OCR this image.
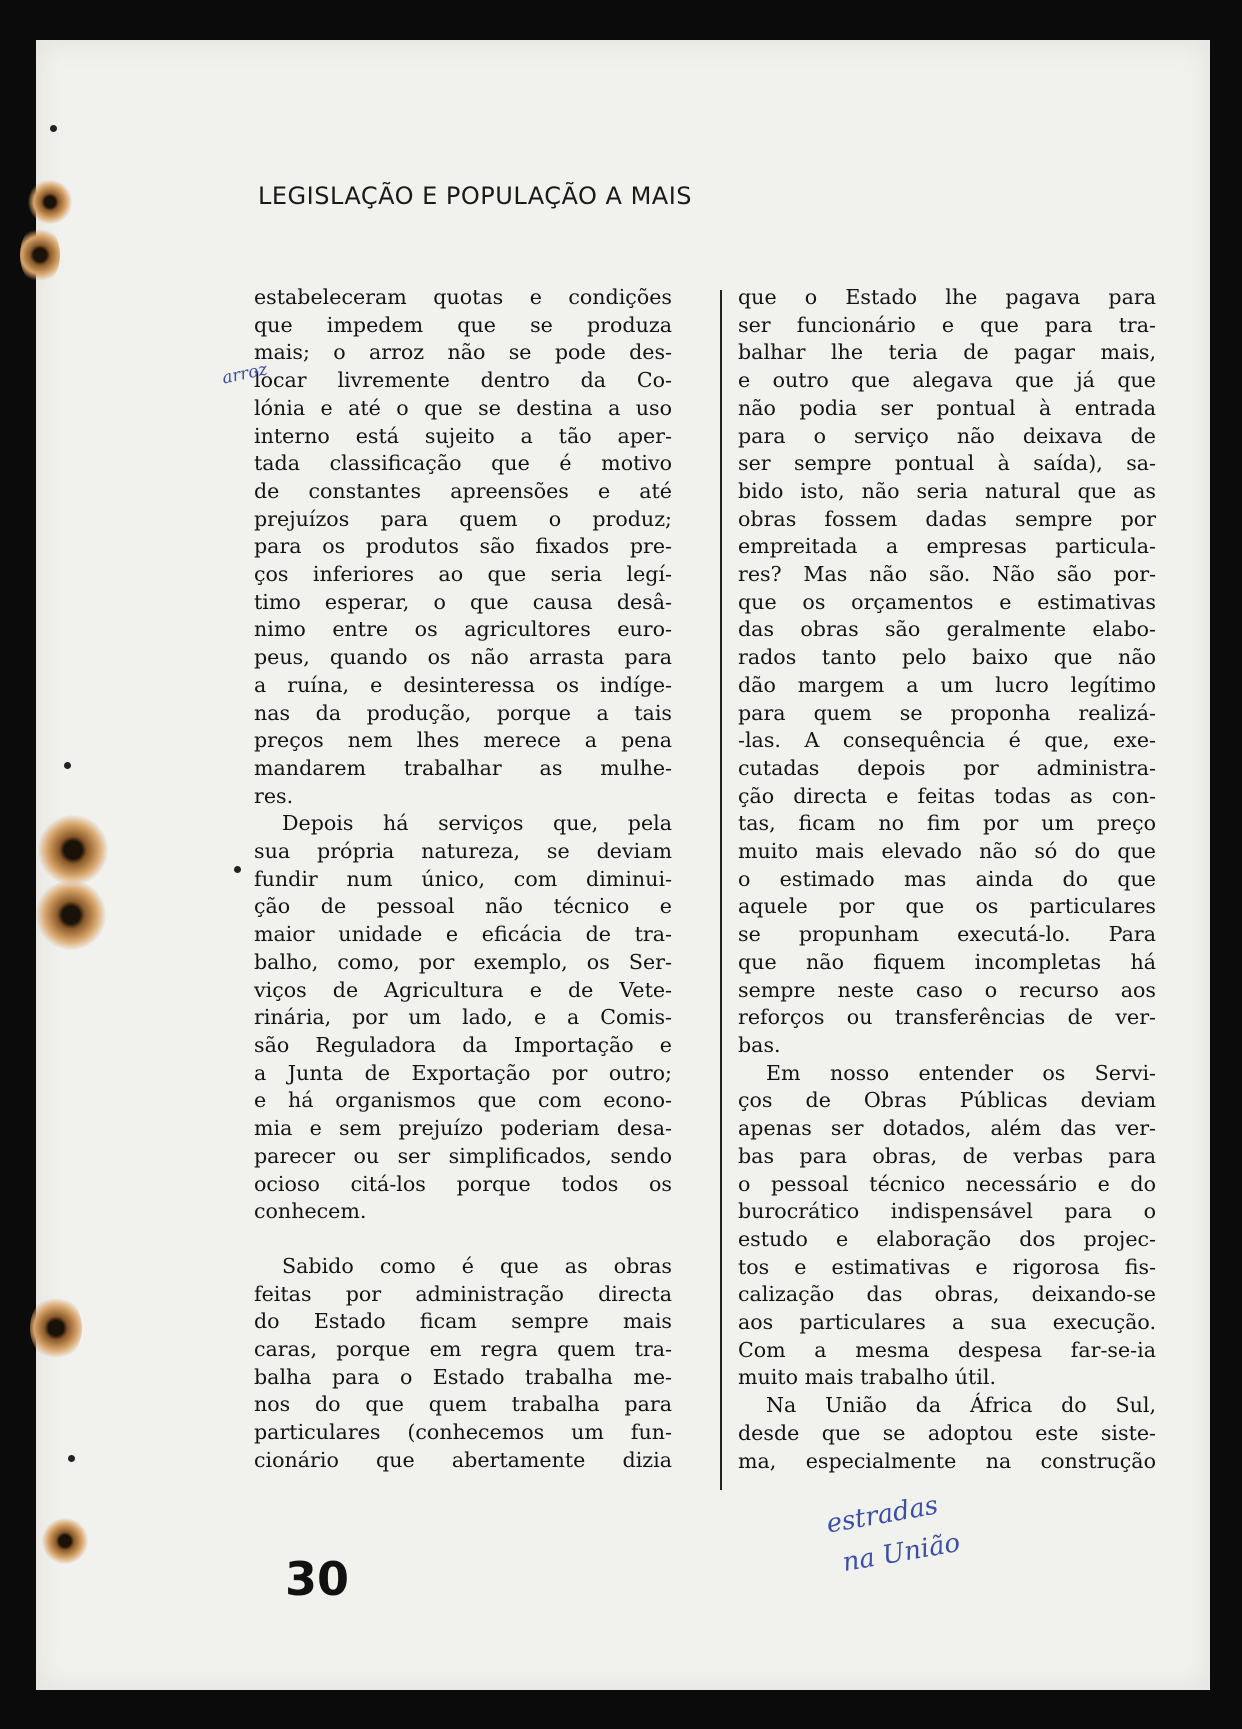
LEGISLAÇÃO E POPULAÇÃO A MAIS
estabeleceram quotas e condições
que impedem que se produza
mais; o arroz não se pode des-
locar livremente dentro da Co-
lónia e até o que se destina a uso
interno está sujeito a tão aper-
tada classificação que é motivo
de constantes apreensões e até
prejuízos para quem o produz;
para os produtos são fixados pre-
ços inferiores ao que seria legí-
timo esperar, o que causa desâ-
nimo entre os agricultores euro-
peus, quando os não arrasta para
a ruína, e desinteressa os indíge-
nas da produção, porque a tais
preços nem lhes merece a pena
mandarem trabalhar as mulhe-
res.
Depois há serviços que, pela
sua própria natureza, se deviam
fundir num único, com diminui-
ção de pessoal não técnico e
maior unidade e eficácia de tra-
balho, como, por exemplo, os Ser-
viços de Agricultura e de Vete-
rinária, por um lado, e a Comis-
são Reguladora da Importação e
a Junta de Exportação por outro;
e há organismos que com econo-
mia e sem prejuízo poderiam desa-
parecer ou ser simplificados, sendo
ocioso citá-los porque todos os
conhecem.
Sabido como é que as obras
feitas por administração directa
do Estado ficam sempre mais
caras, porque em regra quem tra-
balha para o Estado trabalha me-
nos do que quem trabalha para
particulares (conhecemos um fun-
cionário que abertamente dizia
que o Estado lhe pagava para
ser funcionário e que para tra-
balhar lhe teria de pagar mais,
e outro que alegava que já que
não podia ser pontual à entrada
para o serviço não deixava de
ser sempre pontual à saída), sa-
bido isto, não seria natural que as
obras fossem dadas sempre por
empreitada a empresas particula-
res? Mas não são. Não são por-
que os orçamentos e estimativas
das obras são geralmente elabo-
rados tanto pelo baixo que não
dão margem a um lucro legítimo
para quem se proponha realizá-
-las. A consequência é que, exe-
cutadas depois por administra-
ção directa e feitas todas as con-
tas, ficam no fim por um preço
muito mais elevado não só do que
o estimado mas ainda do que
aquele por que os particulares
se propunham executá-lo. Para
que não fiquem incompletas há
sempre neste caso o recurso aos
reforços ou transferências de ver-
bas.
Em nosso entender os Servi-
ços de Obras Públicas deviam
apenas ser dotados, além das ver-
bas para obras, de verbas para
o pessoal técnico necessário e do
burocrático indispensável para o
estudo e elaboração dos projec-
tos e estimativas e rigorosa fis-
calização das obras, deixando-se
aos particulares a sua execução.
Com a mesma despesa far-se-ia
muito mais trabalho útil.
Na União da África do Sul,
desde que se adoptou este siste-
ma, especialmente na construção
arroz
estradas
na União
30
